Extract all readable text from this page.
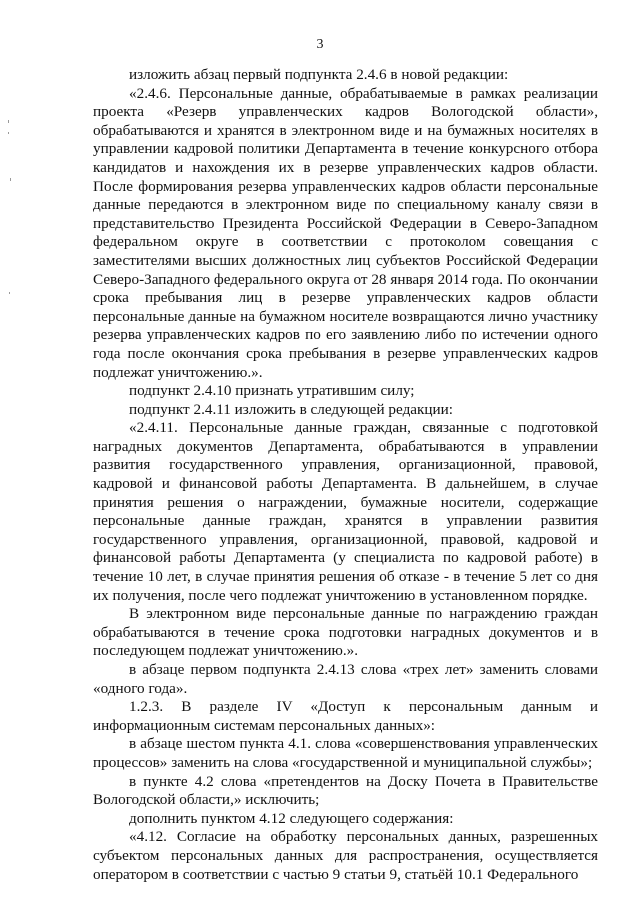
3

изложить абзац первый подпункта 2.4.6 в новой редакции:

«2.4.6. Персональные данные, обрабатываемые в рамках реализации проекта «Резерв управленческих кадров Вологодской области», обрабатываются и хранятся в электронном виде и на бумажных носителях в управлении кадровой политики Департамента в течение конкурсного отбора кандидатов и нахождения их в резерве управленческих кадров области. После формирования резерва управленческих кадров области персональные данные передаются в электронном виде по специальному каналу связи в представительство Президента Российской Федерации в Северо-Западном федеральном округе в соответствии с протоколом совещания с заместителями высших должностных лиц субъектов Российской Федерации Северо-Западного федерального округа от 28 января 2014 года. По окончании срока пребывания лиц в резерве управленческих кадров области персональные данные на бумажном носителе возвращаются лично участнику резерва управленческих кадров по его заявлению либо по истечении одного года после окончания срока пребывания в резерве управленческих кадров подлежат уничтожению.».

подпункт 2.4.10 признать утратившим силу;

подпункт 2.4.11 изложить в следующей редакции:

«2.4.11. Персональные данные граждан, связанные с подготовкой наградных документов Департамента, обрабатываются в управлении развития государственного управления, организационной, правовой, кадровой и финансовой работы Департамента. В дальнейшем, в случае принятия решения о награждении, бумажные носители, содержащие персональные данные граждан, хранятся в управлении развития государственного управления, организационной, правовой, кадровой и финансовой работы Департамента (у специалиста по кадровой работе) в течение 10 лет, в случае принятия решения об отказе - в течение 5 лет со дня их получения, после чего подлежат уничтожению в установленном порядке.

В электронном виде персональные данные по награждению граждан обрабатываются в течение срока подготовки наградных документов и в последующем подлежат уничтожению.».

в абзаце первом подпункта 2.4.13 слова «трех лет» заменить словами «одного года».

1.2.3. В разделе IV «Доступ к персональным данным и информационным системам персональных данных»:

в абзаце шестом пункта 4.1. слова «совершенствования управленческих процессов» заменить на слова «государственной и муниципальной службы»;

в пункте 4.2 слова «претендентов на Доску Почета в Правительстве Вологодской области,» исключить;

дополнить пунктом 4.12 следующего содержания:

«4.12. Согласие на обработку персональных данных, разрешенных субъектом персональных данных для распространения, осуществляется оператором в соответствии с частью 9 статьи 9, статьёй 10.1 Федерального
